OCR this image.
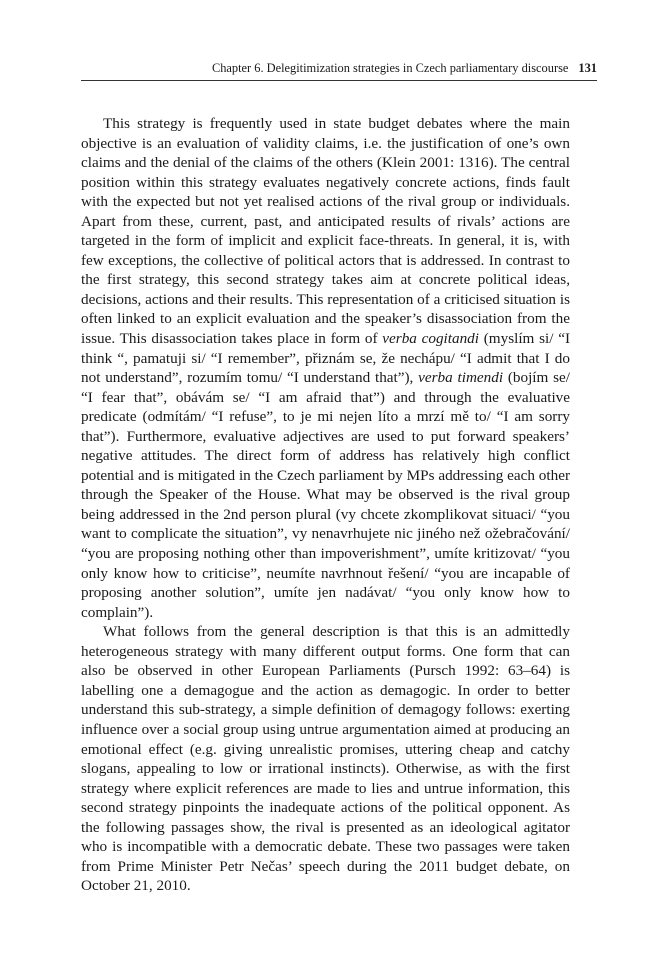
Chapter 6. Delegitimization strategies in Czech parliamentary discourse 131

This strategy is frequently used in state budget debates where the main objective is an evaluation of validity claims, i.e. the justification of one’s own claims and the denial of the claims of the others (Klein 2001: 1316). The central position within this strategy evaluates negatively concrete actions, finds fault with the expected but not yet realised actions of the rival group or individuals. Apart from these, current, past, and anticipated results of rivals’ actions are targeted in the form of implicit and explicit face-threats. In general, it is, with few exceptions, the collective of political actors that is addressed. In contrast to the first strategy, this second strategy takes aim at concrete political ideas, decisions, actions and their results. This representation of a criticised situation is often linked to an explicit evaluation and the speaker’s disassociation from the issue. This disassociation takes place in form of verba cogitandi (myslím si/ “I think “, pamatuji si/ “I remember”, přiznám se, že nechápu/ “I admit that I do not understand”, rozumím tomu/ “I understand that”), verba timendi (bojím se/ “I fear that”, obávám se/ “I am afraid that”) and through the evaluative predicate (odmítám/ “I refuse”, to je mi nejen líto a mrzí mě to/ “I am sorry that”). Furthermore, evaluative adjectives are used to put forward speakers’ negative attitudes. The direct form of address has relatively high conflict potential and is mitigated in the Czech parliament by MPs addressing each other through the Speaker of the House. What may be observed is the rival group being addressed in the 2nd person plural (vy chcete zkomplikovat situaci/ “you want to complicate the situation”, vy nenavrhujete nic jiného než ožebračování/ “you are proposing nothing other than impoverishment”, umíte kritizovat/ “you only know how to criticise”, neumíte navrhnout řešení/ “you are incapable of proposing another solution”, umíte jen nadávat/ “you only know how to complain”).

What follows from the general description is that this is an admittedly heterogeneous strategy with many different output forms. One form that can also be observed in other European Parliaments (Pursch 1992: 63–64) is labelling one a demagogue and the action as demagogic. In order to better understand this sub-strategy, a simple definition of demagogy follows: exerting influence over a social group using untrue argumentation aimed at producing an emotional effect (e.g. giving unrealistic promises, uttering cheap and catchy slogans, appealing to low or irrational instincts). Otherwise, as with the first strategy where explicit references are made to lies and untrue information, this second strategy pinpoints the inadequate actions of the political opponent. As the following passages show, the rival is presented as an ideological agitator who is incompatible with a democratic debate. These two passages were taken from Prime Minister Petr Nečas’ speech during the 2011 budget debate, on October 21, 2010.
